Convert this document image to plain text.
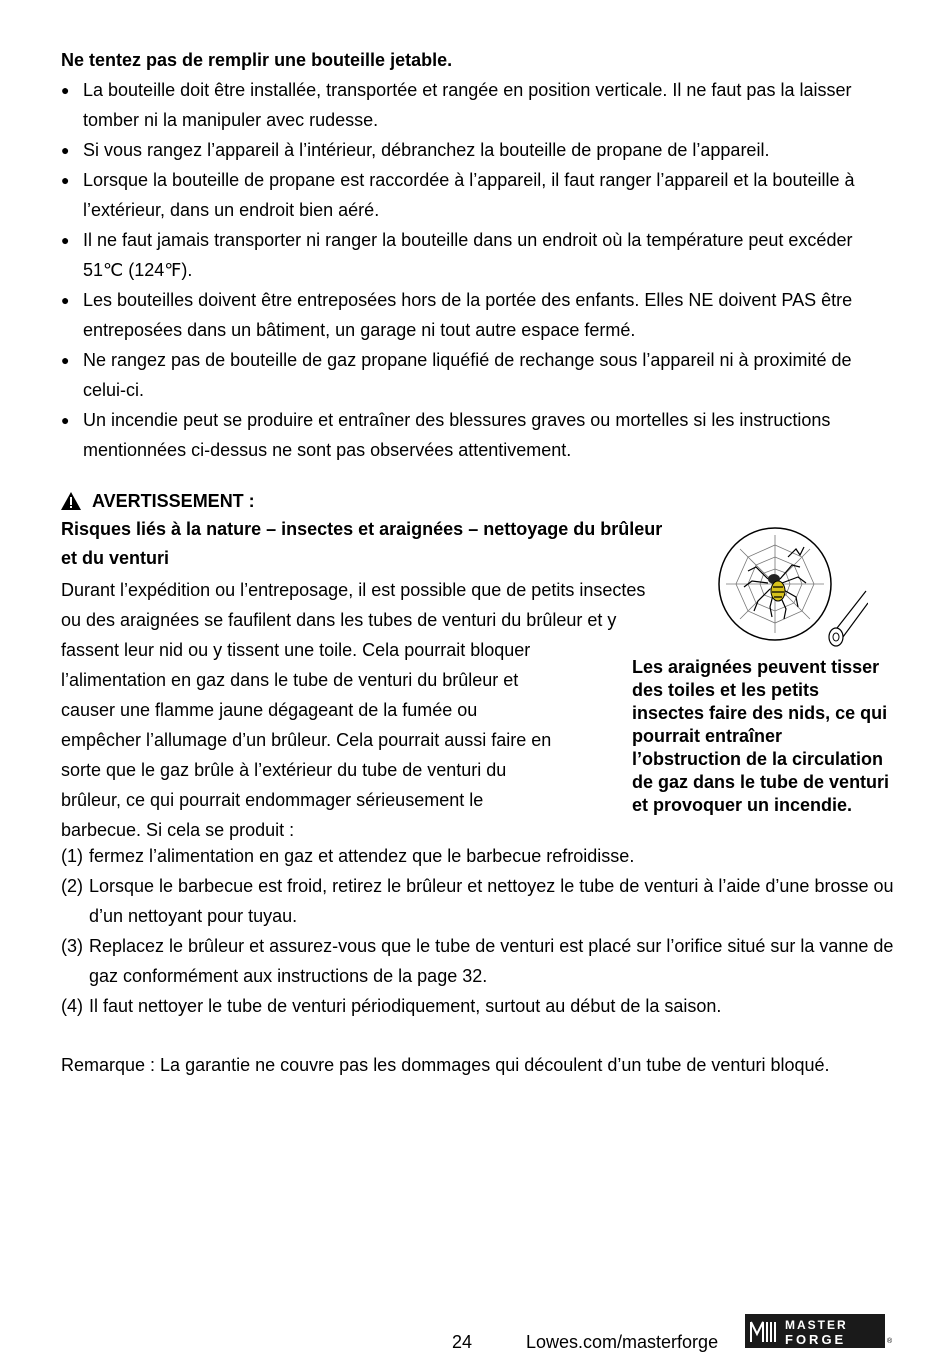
Ne tentez pas de remplir une bouteille jetable.
● La bouteille doit être installée, transportée et rangée en position verticale. Il ne faut pas la laisser tomber ni la manipuler avec rudesse.
● Si vous rangez l’appareil à l’intérieur, débranchez la bouteille de propane de l’appareil.
● Lorsque la bouteille de propane est raccordée à l’appareil, il faut ranger l’appareil et la bouteille à l’extérieur, dans un endroit bien aéré.
● Il ne faut jamais transporter ni ranger la bouteille dans un endroit où la température peut excéder 51℃ (124℉).
● Les bouteilles doivent être entreposées hors de la portée des enfants. Elles NE doivent PAS être entreposées dans un bâtiment, un garage ni tout autre espace fermé.
● Ne rangez pas de bouteille de gaz propane liquéfié de rechange sous l’appareil ni à proximité de celui-ci.
● Un incendie peut se produire et entraîner des blessures graves ou mortelles si les instructions mentionnées ci-dessus ne sont pas observées attentivement.
AVERTISSEMENT :
Risques liés à la nature – insectes et araignées – nettoyage du brûleur et du venturi
Durant l’expédition ou l’entreposage, il est possible que de petits insectes
ou des araignées se faufilent dans les tubes de venturi du brûleur et y
fassent leur nid ou y tissent une toile. Cela pourrait bloquer
l’alimentation en gaz dans le tube de venturi du brûleur et
causer une flamme jaune dégageant de la fumée ou
empêcher l’allumage d’un brûleur. Cela pourrait aussi faire en
sorte que le gaz brûle à l’extérieur du tube de venturi du
brûleur, ce qui pourrait endommager sérieusement le
barbecue. Si cela se produit :
Les araignées peuvent tisser des toiles et les petits insectes faire des nids, ce qui pourrait entraîner l’obstruction de la circulation de gaz dans le tube de venturi et provoquer un incendie.
(1) fermez l’alimentation en gaz et attendez que le barbecue refroidisse.
(2) Lorsque le barbecue est froid, retirez le brûleur et nettoyez le tube de venturi à l’aide d’une brosse ou d’un nettoyant pour tuyau.
(3) Replacez le brûleur et assurez-vous que le tube de venturi est placé sur l’orifice situé sur la vanne de gaz conformément aux instructions de la page 32.
(4) Il faut nettoyer le tube de venturi périodiquement, surtout au début de la saison.
Remarque : La garantie ne couvre pas les dommages qui découlent d’un tube de venturi bloqué.
24	Lowes.com/masterforge
MASTER
FORGE	®
